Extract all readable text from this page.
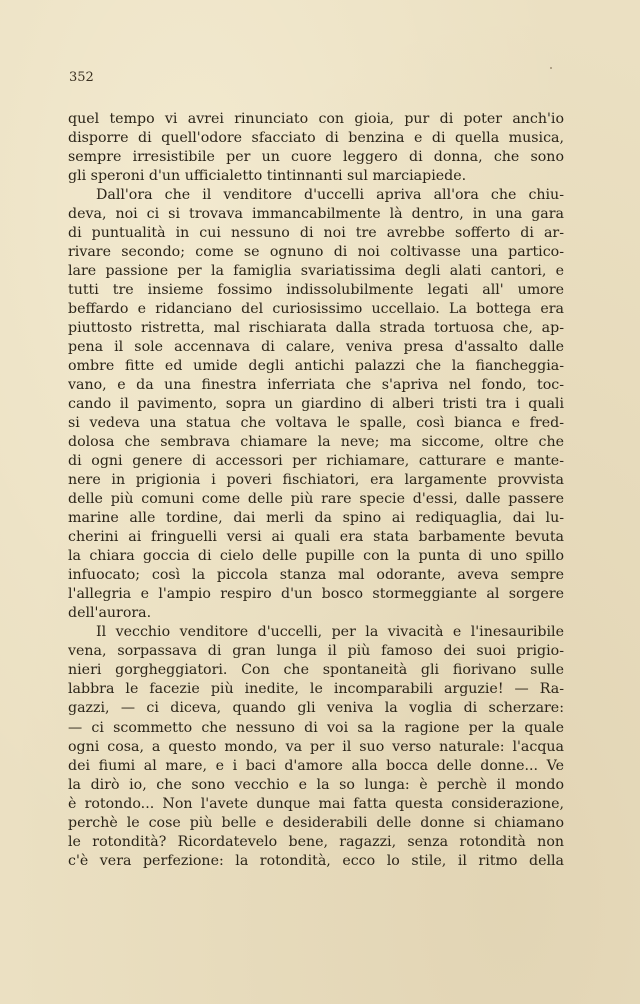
352
quel tempo vi avrei rinunciato con gioia, pur di poter anch'io
disporre di quell'odore sfacciato di benzina e di quella musica,
sempre irresistibile per un cuore leggero di donna, che sono
gli speroni d'un ufficialetto tintinnanti sul marciapiede.
Dall'ora che il venditore d'uccelli apriva all'ora che chiu-
deva, noi ci si trovava immancabilmente là dentro, in una gara
di puntualità in cui nessuno di noi tre avrebbe sofferto di ar-
rivare secondo; come se ognuno di noi coltivasse una partico-
lare passione per la famiglia svariatissima degli alati cantori, e
tutti tre insieme fossimo indissolubilmente legati all' umore
beffardo e ridanciano del curiosissimo uccellaio. La bottega era
piuttosto ristretta, mal rischiarata dalla strada tortuosa che, ap-
pena il sole accennava di calare, veniva presa d'assalto dalle
ombre fitte ed umide degli antichi palazzi che la fiancheggia-
vano, e da una finestra inferriata che s'apriva nel fondo, toc-
cando il pavimento, sopra un giardino di alberi tristi tra i quali
si vedeva una statua che voltava le spalle, così bianca e fred-
dolosa che sembrava chiamare la neve; ma siccome, oltre che
di ogni genere di accessori per richiamare, catturare e mante-
nere in prigionia i poveri fischiatori, era largamente provvista
delle più comuni come delle più rare specie d'essi, dalle passere
marine alle tordine, dai merli da spino ai rediquaglia, dai lu-
cherini ai fringuelli versi ai quali era stata barbamente bevuta
la chiara goccia di cielo delle pupille con la punta di uno spillo
infuocato; così la piccola stanza mal odorante, aveva sempre
l'allegria e l'ampio respiro d'un bosco stormeggiante al sorgere
dell'aurora.
Il vecchio venditore d'uccelli, per la vivacità e l'inesauribile
vena, sorpassava di gran lunga il più famoso dei suoi prigio-
nieri gorgheggiatori. Con che spontaneità gli fiorivano sulle
labbra le facezie più inedite, le incomparabili arguzie! — Ra-
gazzi, — ci diceva, quando gli veniva la voglia di scherzare:
— ci scommetto che nessuno di voi sa la ragione per la quale
ogni cosa, a questo mondo, va per il suo verso naturale: l'acqua
dei fiumi al mare, e i baci d'amore alla bocca delle donne... Ve
la dirò io, che sono vecchio e la so lunga: è perchè il mondo
è rotondo... Non l'avete dunque mai fatta questa considerazione,
perchè le cose più belle e desiderabili delle donne si chiamano
le rotondità? Ricordatevelo bene, ragazzi, senza rotondità non
c'è vera perfezione: la rotondità, ecco lo stile, il ritmo della
